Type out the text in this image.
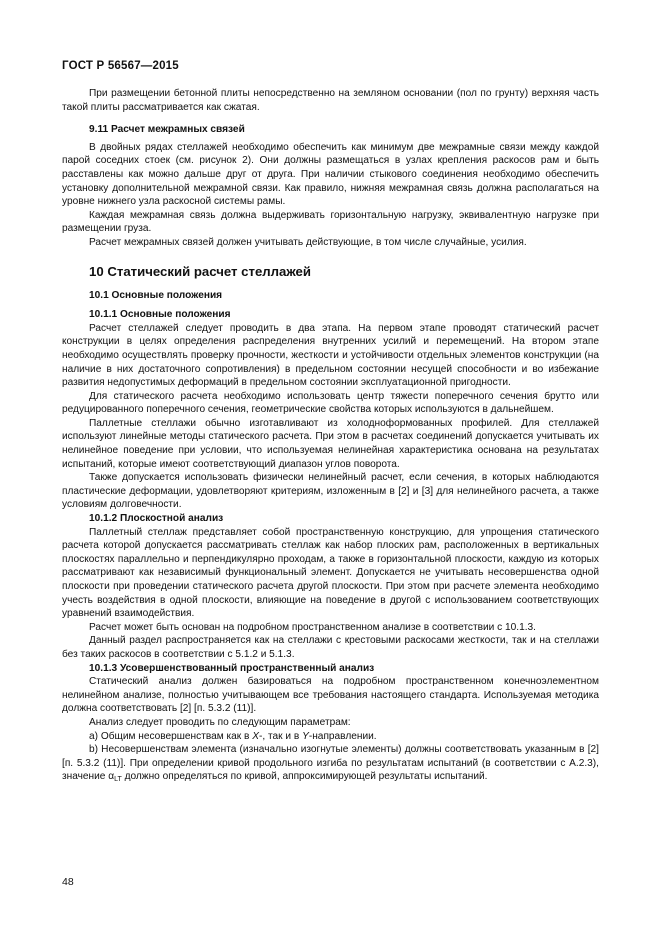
ГОСТ Р 56567—2015

При размещении бетонной плиты непосредственно на земляном основании (пол по грунту) верхняя часть такой плиты рассматривается как сжатая.

9.11 Расчет межрамных связей

В двойных рядах стеллажей необходимо обеспечить как минимум две межрамные связи между каждой парой соседних стоек (см. рисунок 2). Они должны размещаться в узлах крепления раскосов рам и быть расставлены как можно дальше друг от друга. При наличии стыкового соединения необходимо обеспечить установку дополнительной межрамной связи. Как правило, нижняя межрамная связь должна располагаться на уровне нижнего узла раскосной системы рамы.

Каждая межрамная связь должна выдерживать горизонтальную нагрузку, эквивалентную нагрузке при размещении груза.

Расчет межрамных связей должен учитывать действующие, в том числе случайные, усилия.

10 Статический расчет стеллажей
10.1 Основные положения
10.1.1 Основные положения

Расчет стеллажей следует проводить в два этапа. На первом этапе проводят статический расчет конструкции в целях определения распределения внутренних усилий и перемещений. На втором этапе необходимо осуществлять проверку прочности, жесткости и устойчивости отдельных элементов конструкции (на наличие в них достаточного сопротивления) в предельном состоянии несущей способности и во избежание развития недопустимых деформаций в предельном состоянии эксплуатационной пригодности.

Для статического расчета необходимо использовать центр тяжести поперечного сечения брутто или редуцированного поперечного сечения, геометрические свойства которых используются в дальнейшем.

Паллетные стеллажи обычно изготавливают из холодноформованных профилей. Для стеллажей используют линейные методы статического расчета. При этом в расчетах соединений допускается учитывать их нелинейное поведение при условии, что используемая нелинейная характеристика основана на результатах испытаний, которые имеют соответствующий диапазон углов поворота.

Также допускается использовать физически нелинейный расчет, если сечения, в которых наблюдаются пластические деформации, удовлетворяют критериям, изложенным в [2] и [3] для нелинейного расчета, а также условиям долговечности.

10.1.2 Плоскостной анализ

Паллетный стеллаж представляет собой пространственную конструкцию, для упрощения статического расчета которой допускается рассматривать стеллаж как набор плоских рам, расположенных в вертикальных плоскостях параллельно и перпендикулярно проходам, а также в горизонтальной плоскости, каждую из которых рассматривают как независимый функциональный элемент. Допускается не учитывать несовершенства одной плоскости при проведении статического расчета другой плоскости. При этом при расчете элемента необходимо учесть воздействия в одной плоскости, влияющие на поведение в другой с использованием соответствующих уравнений взаимодействия.

Расчет может быть основан на подробном пространственном анализе в соответствии с 10.1.3.

Данный раздел распространяется как на стеллажи с крестовыми раскосами жесткости, так и на стеллажи без таких раскосов в соответствии с 5.1.2 и 5.1.3.

10.1.3 Усовершенствованный пространственный анализ

Статический анализ должен базироваться на подробном пространственном конечноэлементном нелинейном анализе, полностью учитывающем все требования настоящего стандарта. Используемая методика должна соответствовать [2] [п. 5.3.2 (11)].

Анализ следует проводить по следующим параметрам:

а) Общим несовершенствам как в X-, так и в Y-направлении.

b) Несовершенствам элемента (изначально изогнутые элементы) должны соответствовать указанным в [2] [п. 5.3.2 (11)]. При определении кривой продольного изгиба по результатам испытаний (в соответствии с А.2.3), значение $\alpha_{LT}$ должно определяться по кривой, аппроксимирующей результаты испытаний.

48
